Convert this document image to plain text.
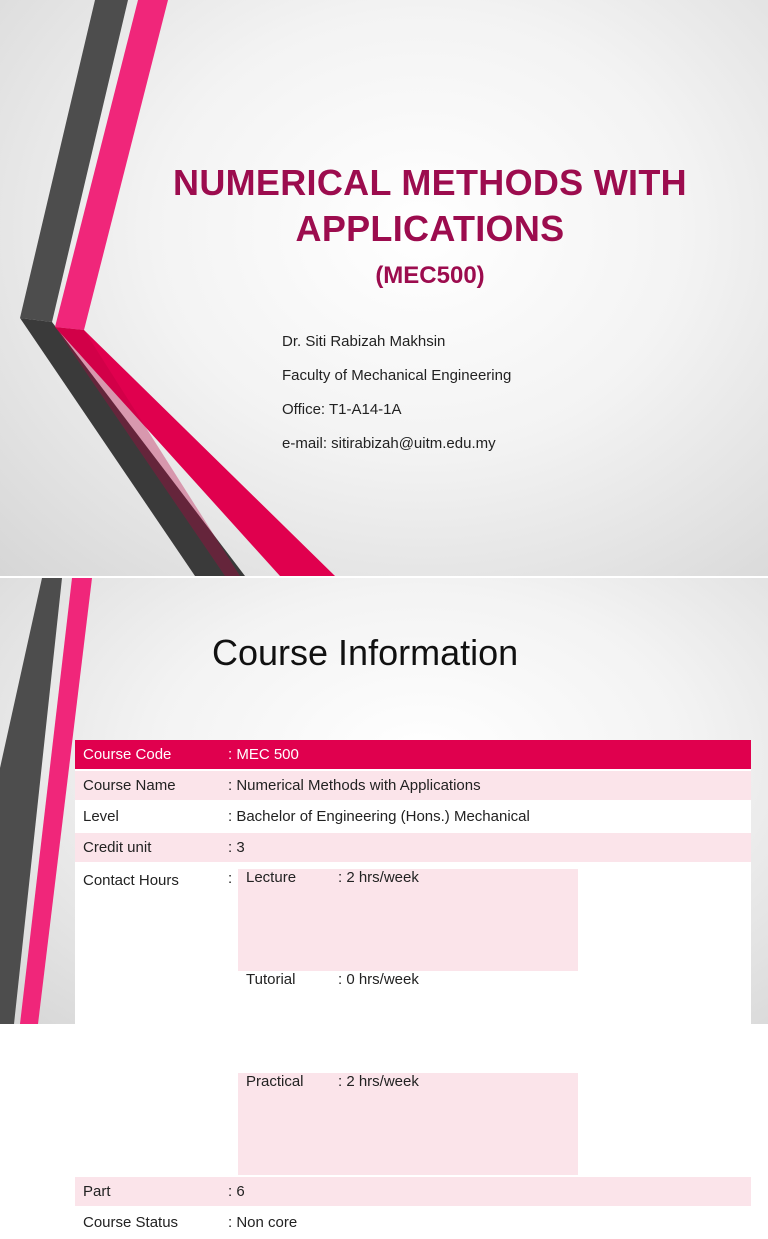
NUMERICAL METHODS WITH
APPLICATIONS
(MEC500)
Dr. Siti Rabizah Makhsin
Faculty of Mechanical Engineering
Office: T1-A14-1A
e-mail: sitirabizah@uitm.edu.my
Course Information
Course Code	: MEC 500
Course Name	: Numerical Methods with Applications
Level	: Bachelor of Engineering (Hons.) Mechanical
Credit unit	: 3
Contact Hours	: Lecture	: 2 hrs/week
Tutorial	: 0 hrs/week
Practical	: 2 hrs/week

Part	: 6
Course Status	: Non core
